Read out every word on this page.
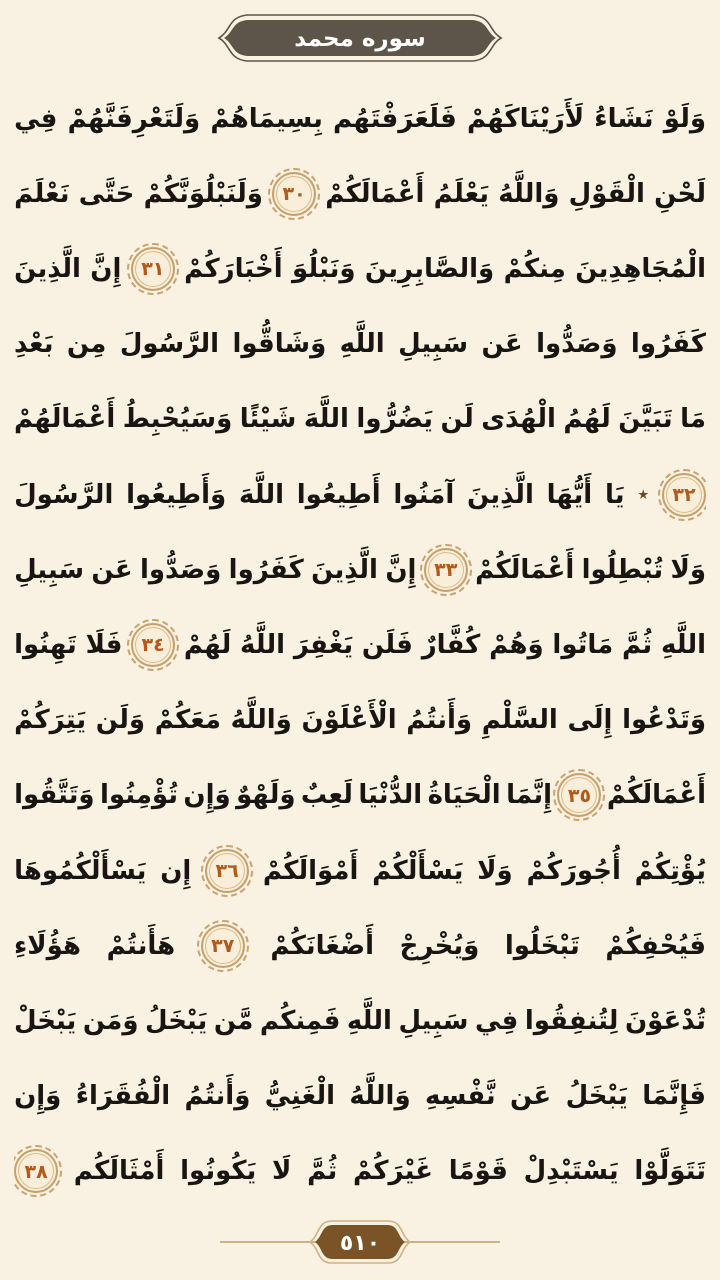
سوره محمد
وَلَوْ
نَشَاءُ
لَأَرَيْنَاكَهُمْ
فَلَعَرَفْتَهُم
بِسِيمَاهُمْ
وَلَتَعْرِفَنَّهُمْ
فِي
لَحْنِ
الْقَوْلِ
وَاللَّهُ
يَعْلَمُ
أَعْمَالَكُمْ
٣٠
وَلَنَبْلُوَنَّكُمْ
حَتَّى
نَعْلَمَ
الْمُجَاهِدِينَ
مِنكُمْ
وَالصَّابِرِينَ
وَنَبْلُوَ
أَخْبَارَكُمْ
٣١
إِنَّ
الَّذِينَ
كَفَرُوا
وَصَدُّوا
عَن
سَبِيلِ
اللَّهِ
وَشَاقُّوا
الرَّسُولَ
مِن
بَعْدِ
مَا
تَبَيَّنَ
لَهُمُ
الْهُدَى
لَن
يَضُرُّوا
اللَّهَ
شَيْئًا
وَسَيُحْبِطُ
أَعْمَالَهُمْ
٣٢
٭
يَا
أَيُّهَا
الَّذِينَ
آمَنُوا
أَطِيعُوا
اللَّهَ
وَأَطِيعُوا
الرَّسُولَ
وَلَا
تُبْطِلُوا
أَعْمَالَكُمْ
٣٣
إِنَّ
الَّذِينَ
كَفَرُوا
وَصَدُّوا
عَن
سَبِيلِ
اللَّهِ
ثُمَّ
مَاتُوا
وَهُمْ
كُفَّارٌ
فَلَن
يَغْفِرَ
اللَّهُ
لَهُمْ
٣٤
فَلَا
تَهِنُوا
وَتَدْعُوا
إِلَى
السَّلْمِ
وَأَنتُمُ
الْأَعْلَوْنَ
وَاللَّهُ
مَعَكُمْ
وَلَن
يَتِرَكُمْ
أَعْمَالَكُمْ
٣٥
إِنَّمَا
الْحَيَاةُ
الدُّنْيَا
لَعِبٌ
وَلَهْوٌ
وَإِن
تُؤْمِنُوا
وَتَتَّقُوا
يُؤْتِكُمْ
أُجُورَكُمْ
وَلَا
يَسْأَلْكُمْ
أَمْوَالَكُمْ
٣٦
إِن
يَسْأَلْكُمُوهَا
فَيُحْفِكُمْ
تَبْخَلُوا
وَيُخْرِجْ
أَضْغَانَكُمْ
٣٧
هَأَنتُمْ
هَؤُلَاءِ
تُدْعَوْنَ
لِتُنفِقُوا
فِي
سَبِيلِ
اللَّهِ
فَمِنكُم
مَّن
يَبْخَلُ
وَمَن
يَبْخَلْ
فَإِنَّمَا
يَبْخَلُ
عَن
نَّفْسِهِ
وَاللَّهُ
الْغَنِيُّ
وَأَنتُمُ
الْفُقَرَاءُ
وَإِن
تَتَوَلَّوْا
يَسْتَبْدِلْ
قَوْمًا
غَيْرَكُمْ
ثُمَّ
لَا
يَكُونُوا
أَمْثَالَكُم
٣٨
٥١٠
